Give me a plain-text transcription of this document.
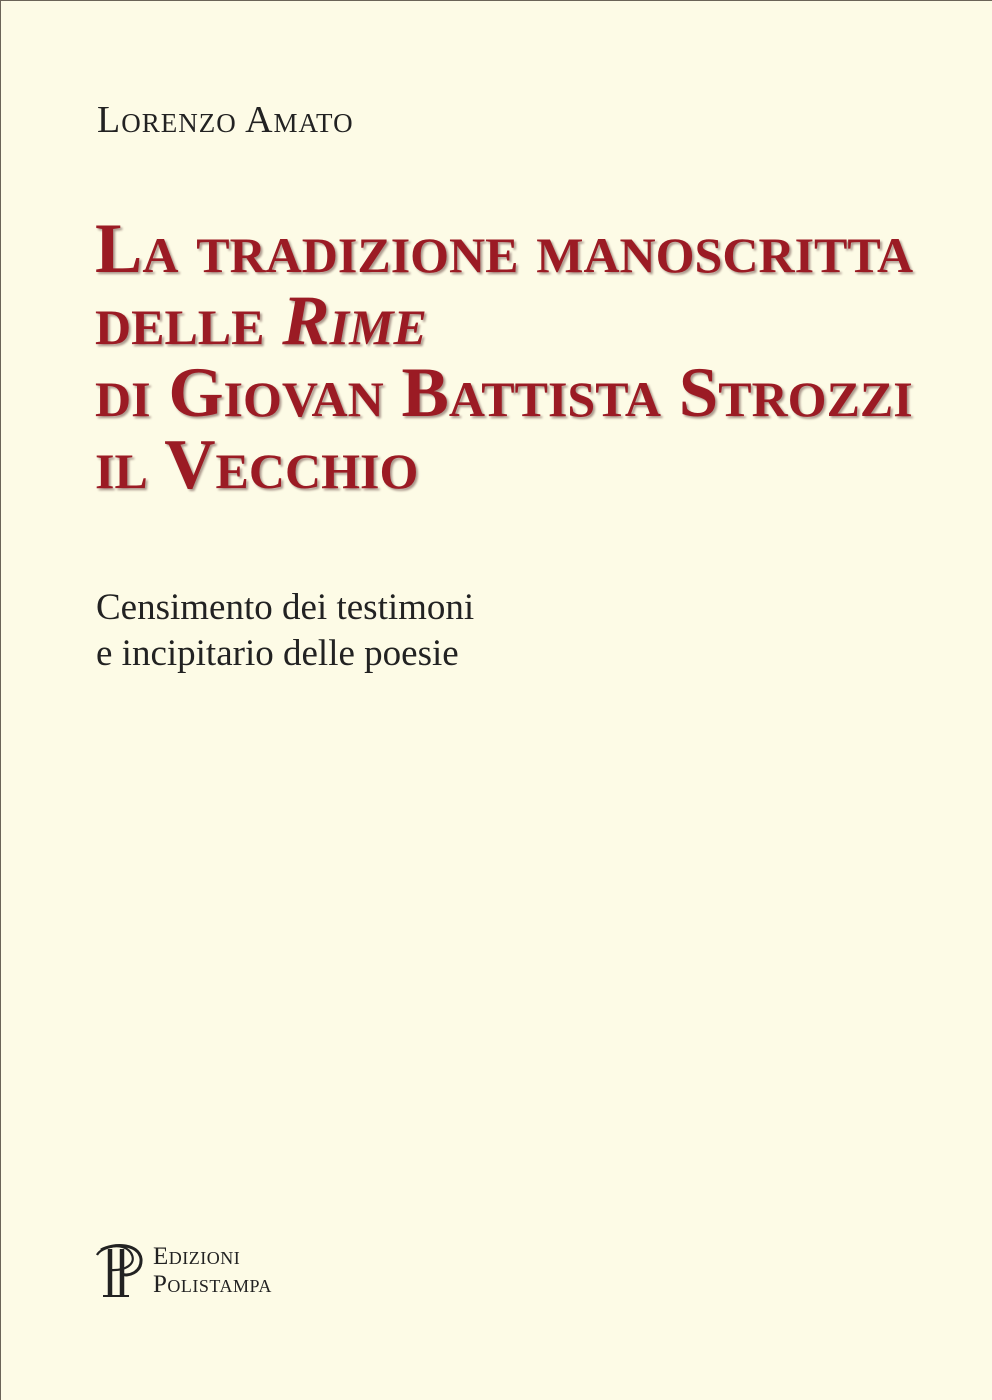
Lorenzo Amato

La tradizione manoscritta
delle Rime
di Giovan Battista Strozzi
il Vecchio
Censimento dei testimoni
e incipitario delle poesie
Edizioni
Polistampa
